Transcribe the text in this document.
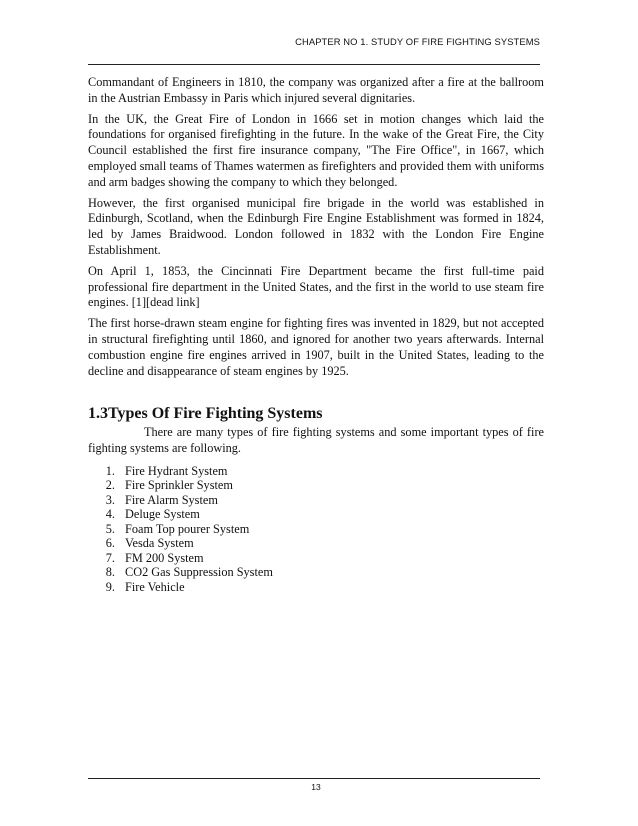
CHAPTER NO 1. STUDY OF FIRE FIGHTING SYSTEMS

Commandant of Engineers in 1810, the company was organized after a fire at the ballroom in the Austrian Embassy in Paris which injured several dignitaries.

In the UK, the Great Fire of London in 1666 set in motion changes which laid the foundations for organised firefighting in the future. In the wake of the Great Fire, the City Council established the first fire insurance company, "The Fire Office", in 1667, which employed small teams of Thames watermen as firefighters and provided them with uniforms and arm badges showing the company to which they belonged.

However, the first organised municipal fire brigade in the world was established in Edinburgh, Scotland, when the Edinburgh Fire Engine Establishment was formed in 1824, led by James Braidwood. London followed in 1832 with the London Fire Engine Establishment.

On April 1, 1853, the Cincinnati Fire Department became the first full-time paid professional fire department in the United States, and the first in the world to use steam fire engines. [1][dead link]

The first horse-drawn steam engine for fighting fires was invented in 1829, but not accepted in structural firefighting until 1860, and ignored for another two years afterwards. Internal combustion engine fire engines arrived in 1907, built in the United States, leading to the decline and disappearance of steam engines by 1925.

1.3Types Of Fire Fighting Systems

There are many types of fire fighting systems and some important types of fire fighting systems are following.

1. Fire Hydrant System
2. Fire Sprinkler System
3. Fire Alarm System
4. Deluge System
5. Foam Top pourer System
6. Vesda System
7. FM 200 System
8. CO2 Gas Suppression System
9. Fire Vehicle
13
